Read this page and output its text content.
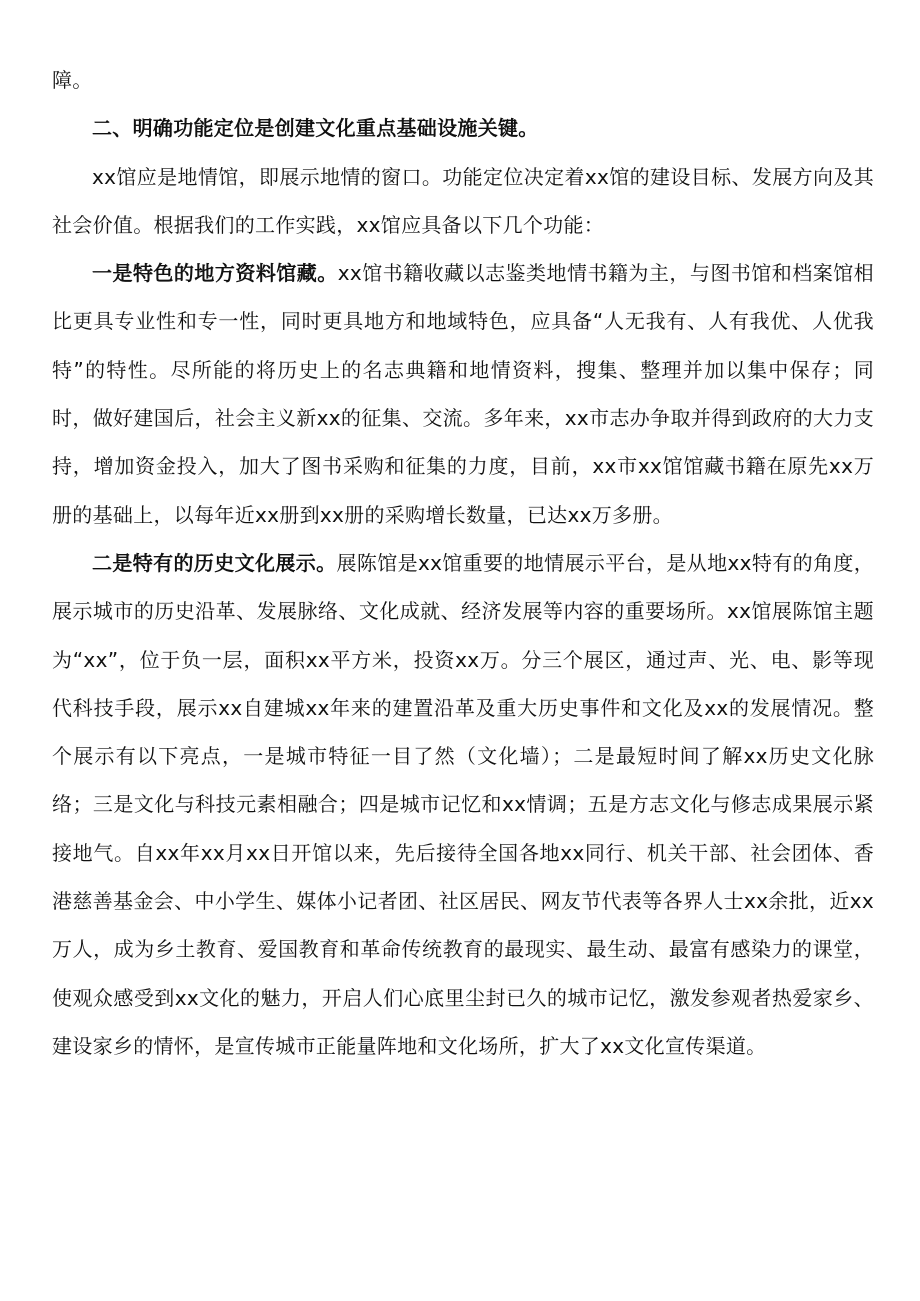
障。

二、明确功能定位是创建文化重点基础设施关键。

xx馆应是地情馆，即展示地情的窗口。功能定位决定着xx馆的建设目标、发展方向及其社会价值。根据我们的工作实践，xx馆应具备以下几个功能：

一是特色的地方资料馆藏。xx馆书籍收藏以志鉴类地情书籍为主，与图书馆和档案馆相比更具专业性和专一性，同时更具地方和地域特色，应具备“人无我有、人有我优、人优我特”的特性。尽所能的将历史上的名志典籍和地情资料，搜集、整理并加以集中保存；同时，做好建国后，社会主义新xx的征集、交流。多年来，xx市志办争取并得到政府的大力支持，增加资金投入，加大了图书采购和征集的力度，目前，xx市xx馆馆藏书籍在原先xx万册的基础上，以每年近xx册到xx册的采购增长数量，已达xx万多册。

二是特有的历史文化展示。展陈馆是xx馆重要的地情展示平台，是从地xx特有的角度，展示城市的历史沿革、发展脉络、文化成就、经济发展等内容的重要场所。xx馆展陈馆主题为“xx”，位于负一层，面积xx平方米，投资xx万。分三个展区，通过声、光、电、影等现代科技手段，展示xx自建城xx年来的建置沿革及重大历史事件和文化及xx的发展情况。整个展示有以下亮点，一是城市特征一目了然（文化墙）；二是最短时间了解xx历史文化脉络；三是文化与科技元素相融合；四是城市记忆和xx情调；五是方志文化与修志成果展示紧接地气。自xx年xx月xx日开馆以来，先后接待全国各地xx同行、机关干部、社会团体、香港慈善基金会、中小学生、媒体小记者团、社区居民、网友节代表等各界人士xx余批，近xx万人，成为乡土教育、爱国教育和革命传统教育的最现实、最生动、最富有感染力的课堂，使观众感受到xx文化的魅力，开启人们心底里尘封已久的城市记忆，激发参观者热爱家乡、建设家乡的情怀，是宣传城市正能量阵地和文化场所，扩大了xx文化宣传渠道。
